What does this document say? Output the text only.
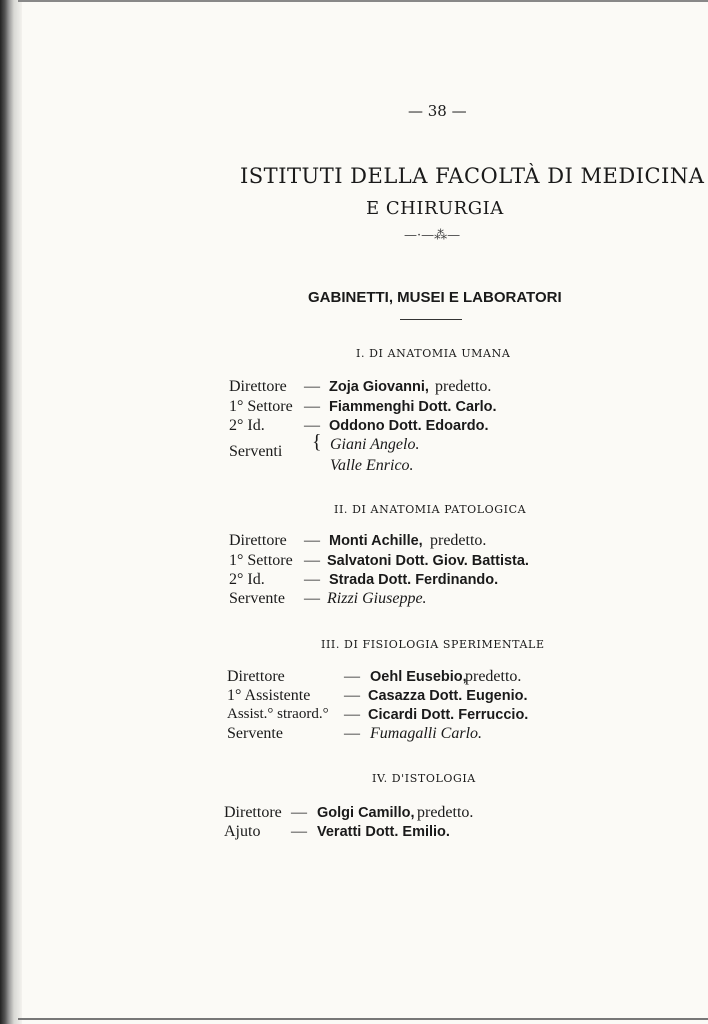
— 38 —
ISTITUTI DELLA FACOLTÀ DI MEDICINA
E CHIRURGIA
—·—⁂—
GABINETTI, MUSEI E LABORATORI
I. DI ANATOMIA UMANA
Direttore — Zoja Giovanni, predetto.
1° Settore — Fiammenghi Dott. Carlo.
2° Id. — Oddono Dott. Edoardo.
Serventi { Giani Angelo.
Valle Enrico.
II. DI ANATOMIA PATOLOGICA
Direttore — Monti Achille, predetto.
1° Settore — Salvatoni Dott. Giov. Battista.
2° Id. — Strada Dott. Ferdinando.
Servente — Rizzi Giuseppe.
III. DI FISIOLOGIA SPERIMENTALE
Direttore	— Oehl Eusebio,
predetto.
1° Assistente — Casazza Dott. Eugenio.
Assist.° straord.° — Cicardi Dott. Ferruccio.
Servente	— Fumagalli Carlo.
IV. D'ISTOLOGIA
Direttore — Golgi Camillo, predetto.
Ajuto — Veratti Dott. Emilio.
